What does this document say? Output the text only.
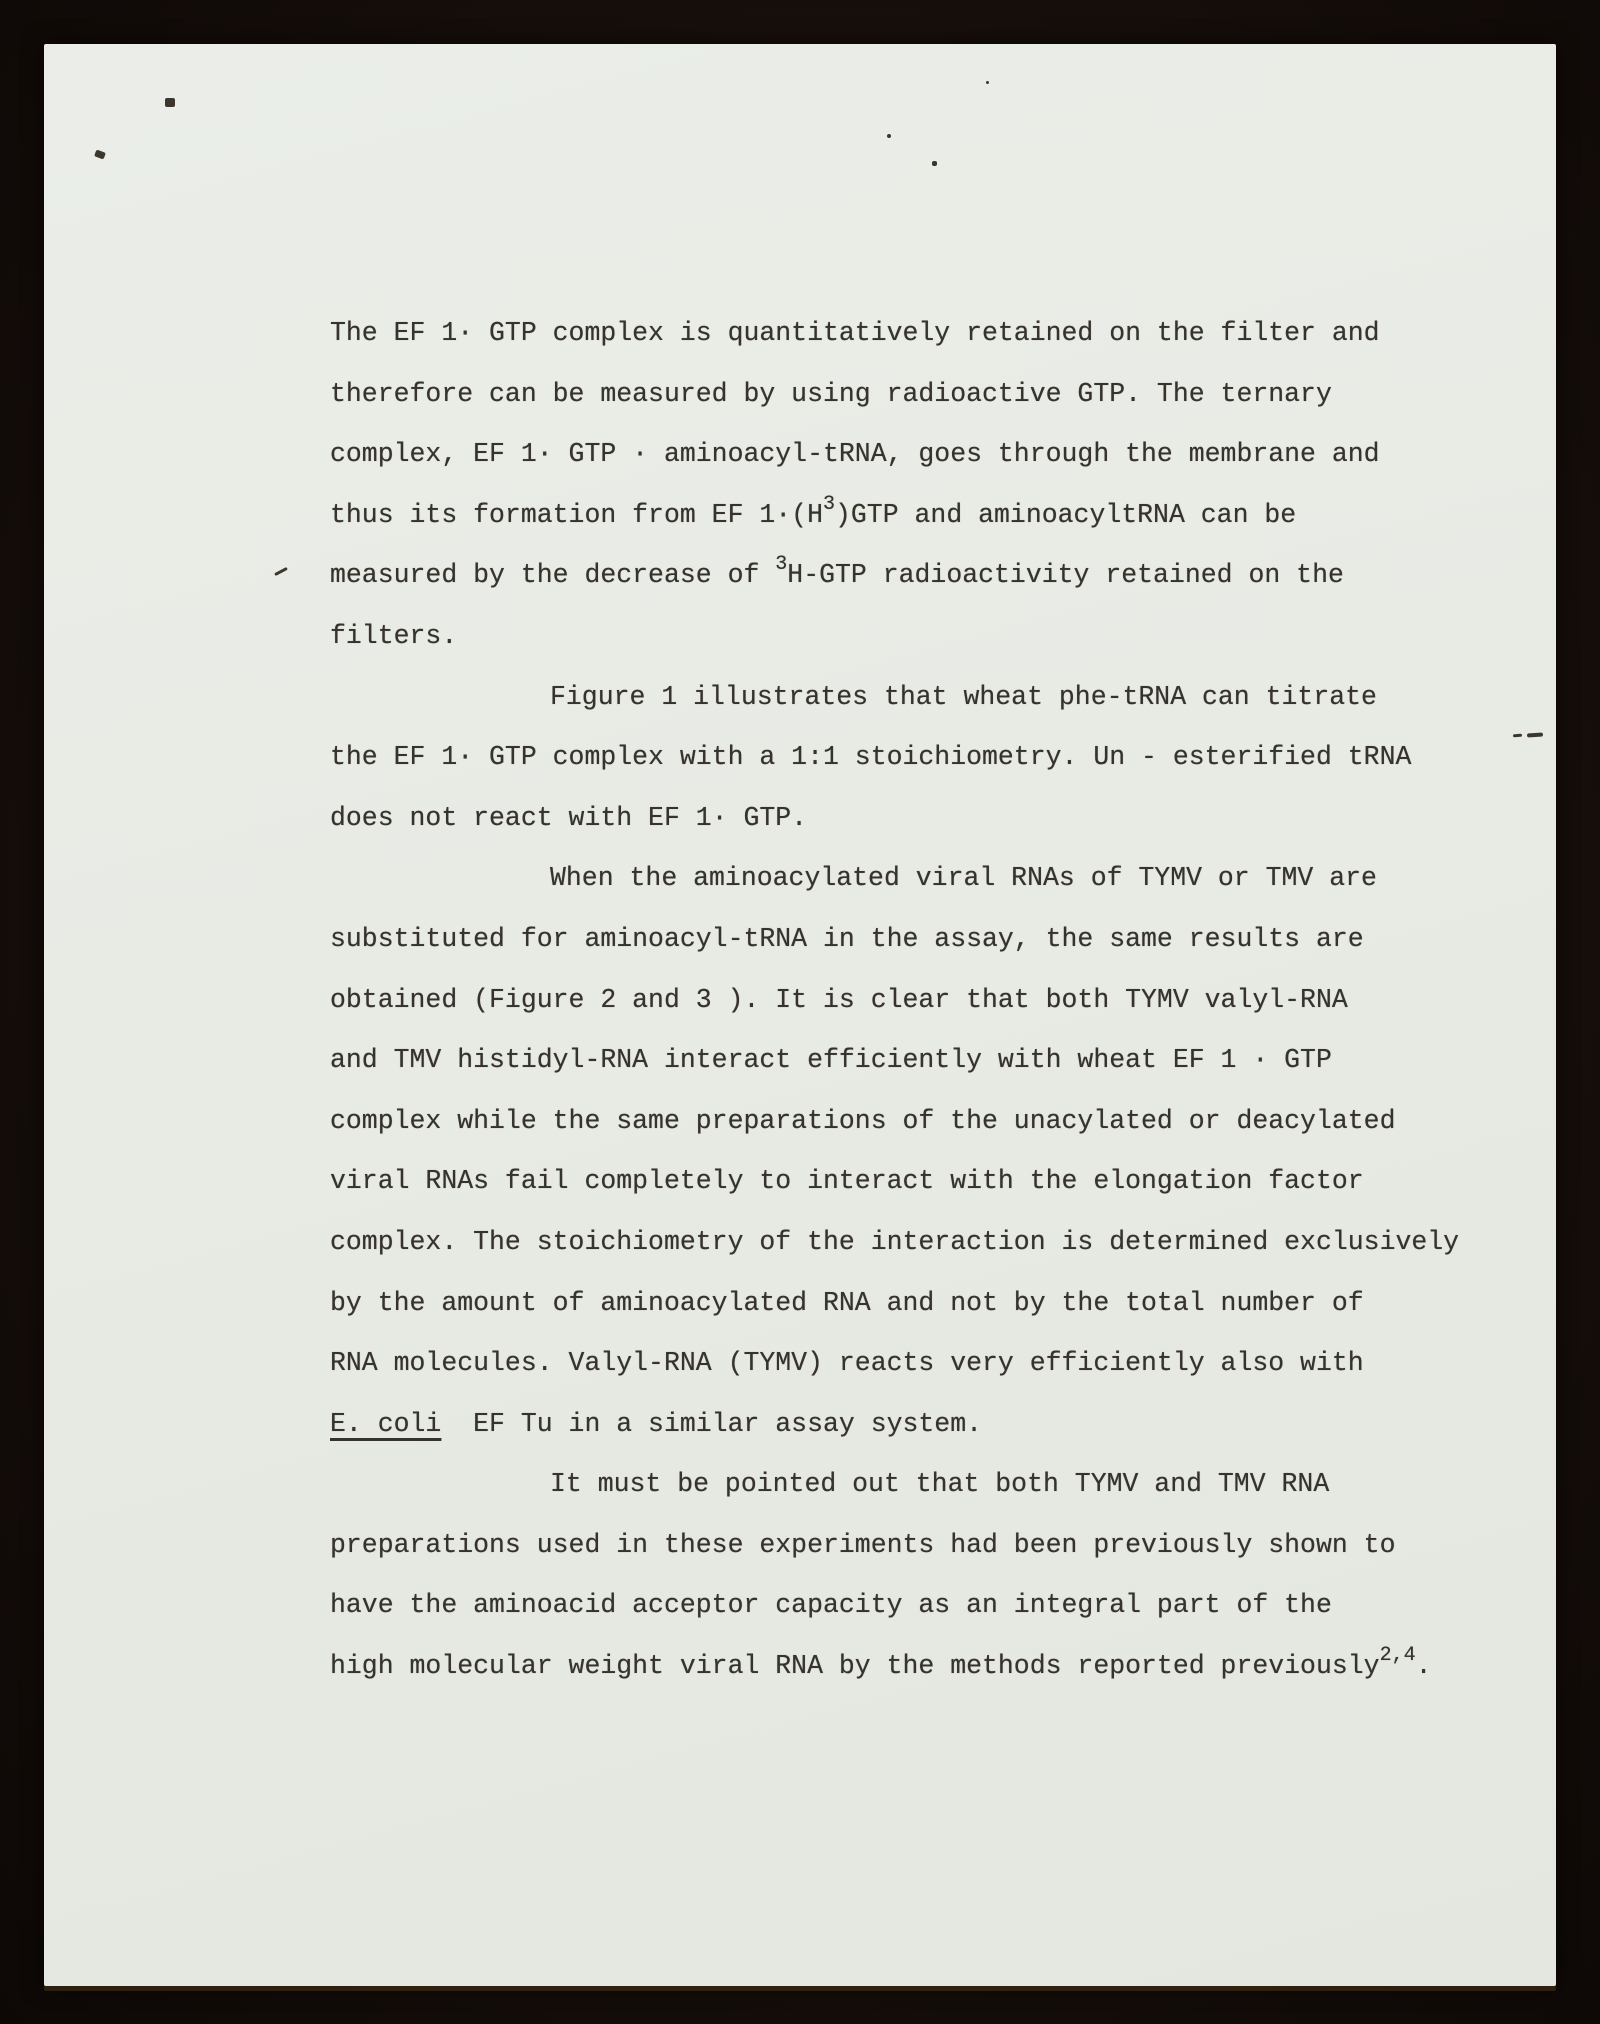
The EF 1· GTP complex is quantitatively retained on the filter and
therefore can be measured by using radioactive GTP. The ternary
complex, EF 1· GTP · aminoacyl-tRNA, goes through the membrane and
thus its formation from EF $1\cdot(H^3)GTP$ and aminoacyltRNA can be
measured by the decrease of $^3$H-GTP radioactivity retained on the
filters.
Figure 1 illustrates that wheat phe-tRNA can titrate
the EF 1· GTP complex with a 1:1 stoichiometry. Un - esterified tRNA
does not react with EF 1· GTP.
When the aminoacylated viral RNAs of TYMV or TMV are
substituted for aminoacyl-tRNA in the assay, the same results are
obtained (Figure 2 and 3 ). It is clear that both TYMV valyl-RNA
and TMV histidyl-RNA interact efficiently with wheat EF 1 · GTP
complex while the same preparations of the unacylated or deacylated
viral RNAs fail completely to interact with the elongation factor
complex. The stoichiometry of the interaction is determined exclusively
by the amount of aminoacylated RNA and not by the total number of
RNA molecules. Valyl-RNA (TYMV) reacts very efficiently also with
E. coli  EF Tu in a similar assay system.
It must be pointed out that both TYMV and TMV RNA
preparations used in these experiments had been previously shown to
have the aminoacid acceptor capacity as an integral part of the
high molecular weight viral RNA by the methods reported previously$^{2,4}$.
